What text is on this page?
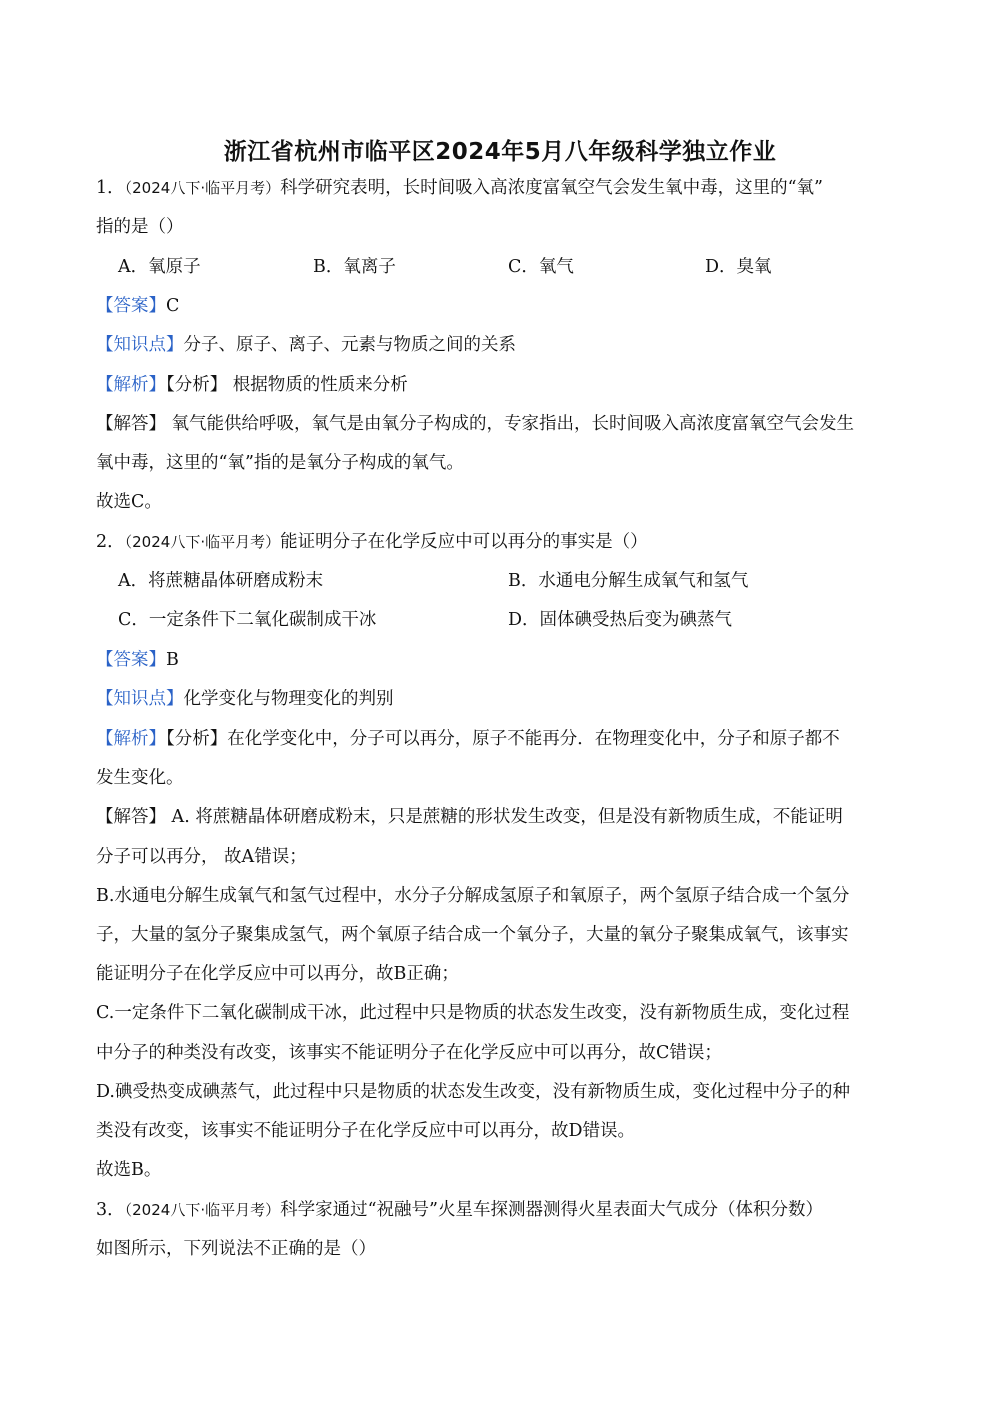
浙江省杭州市临平区2024年5月八年级科学独立作业
1．（2024八下·临平月考）科学研究表明，长时间吸入高浓度富氧空气会发生氧中毒，这里的“氧”
指的是（）
A．氧原子	B．氧离子	C．氧气	D．臭氧
【答案】C
【知识点】分子、原子、离子、元素与物质之间的关系
【解析】【分析】 根据物质的性质来分析
【解答】 氧气能供给呼吸，氧气是由氧分子构成的，专家指出，长时间吸入高浓度富氧空气会发生
氧中毒，这里的“氧”指的是氧分子构成的氧气。
故选C。
2．（2024八下·临平月考）能证明分子在化学反应中可以再分的事实是（）
A．将蔗糖晶体研磨成粉末	B．水通电分解生成氧气和氢气
C．一定条件下二氧化碳制成干冰	D．固体碘受热后变为碘蒸气
【答案】B
【知识点】化学变化与物理变化的判别
【解析】【分析】在化学变化中，分子可以再分，原子不能再分．在物理变化中，分子和原子都不
发生变化。
【解答】 A. 将蔗糖晶体研磨成粉末，只是蔗糖的形状发生改变，但是没有新物质生成，不能证明
分子可以再分， 故A错误；
B.水通电分解生成氧气和氢气过程中，水分子分解成氢原子和氧原子，两个氢原子结合成一个氢分
子，大量的氢分子聚集成氢气，两个氧原子结合成一个氧分子，大量的氧分子聚集成氧气，该事实
能证明分子在化学反应中可以再分，故B正确；
C.一定条件下二氧化碳制成干冰，此过程中只是物质的状态发生改变，没有新物质生成，变化过程
中分子的种类没有改变，该事实不能证明分子在化学反应中可以再分，故C错误；
D.碘受热变成碘蒸气，此过程中只是物质的状态发生改变，没有新物质生成，变化过程中分子的种
类没有改变，该事实不能证明分子在化学反应中可以再分，故D错误。
故选B。
3．（2024八下·临平月考）科学家通过“祝融号”火星车探测器测得火星表面大气成分（体积分数）
如图所示，下列说法不正确的是（）
